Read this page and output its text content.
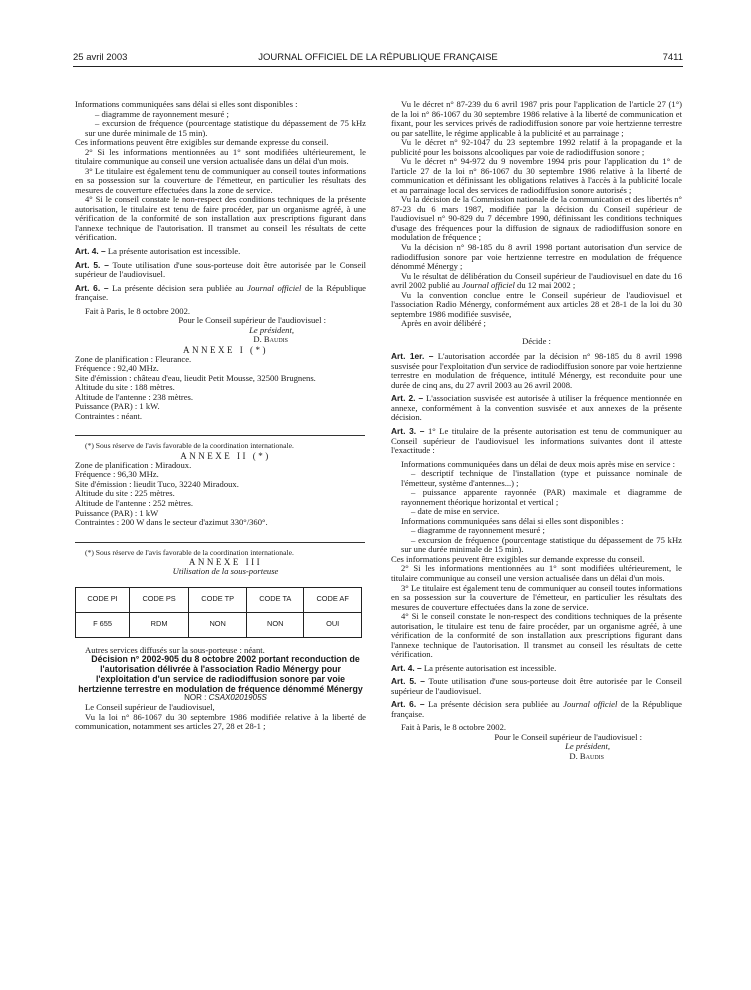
25 avril 2003	JOURNAL OFFICIEL DE LA RÉPUBLIQUE FRANÇAISE	7411

Informations communiquées sans délai si elles sont disponibles :

– diagramme de rayonnement mesuré ;

– excursion de fréquence (pourcentage statistique du dépassement de 75 kHz sur une durée minimale de 15 min).

Ces informations peuvent être exigibles sur demande expresse du conseil.

2° Si les informations mentionnées au 1° sont modifiées ultérieurement, le titulaire communique au conseil une version actualisée dans un délai d'un mois.

3° Le titulaire est également tenu de communiquer au conseil toutes informations en sa possession sur la couverture de l'émetteur, en particulier les résultats des mesures de couverture effectuées dans la zone de service.

4° Si le conseil constate le non-respect des conditions techniques de la présente autorisation, le titulaire est tenu de faire procéder, par un organisme agréé, à une vérification de la conformité de son installation aux prescriptions figurant dans l'annexe technique de l'autorisation. Il transmet au conseil les résultats de cette vérification.

Art. 4. – La présente autorisation est incessible.

Art. 5. – Toute utilisation d'une sous-porteuse doit être autorisée par le Conseil supérieur de l'audiovisuel.

Art. 6. – La présente décision sera publiée au Journal officiel de la République française.

Fait à Paris, le 8 octobre 2002.

Pour le Conseil supérieur de l'audiovisuel :

Le président,

D. Baudis

ANNEXE I (*)

Zone de planification : Fleurance.

Fréquence : 92,40 MHz.

Site d'émission : château d'eau, lieudit Petit Mousse, 32500 Brugnens.

Altitude du site : 188 mètres.

Altitude de l'antenne : 238 mètres.

Puissance (PAR) : 1 kW.

Contraintes : néant.

(*) Sous réserve de l'avis favorable de la coordination internationale.

ANNEXE II (*)

Zone de planification : Miradoux.

Fréquence : 96,30 MHz.

Site d'émission : lieudit Tuco, 32240 Miradoux.

Altitude du site : 225 mètres.

Altitude de l'antenne : 252 mètres.

Puissance (PAR) : 1 kW

Contraintes : 200 W dans le secteur d'azimut 330°/360°.

(*) Sous réserve de l'avis favorable de la coordination internationale.

ANNEXE III

Utilisation de la sous-porteuse

CODE PI	CODE PS	CODE TP	CODE TA	CODE AF
F 655	RDM	NON	NON	OUI

Autres services diffusés sur la sous-porteuse : néant.

Décision n° 2002-905 du 8 octobre 2002 portant reconduction de l'autorisation délivrée à l'association Radio Ménergy pour l'exploitation d'un service de radiodiffusion sonore par voie hertzienne terrestre en modulation de fréquence dénommé Ménergy

NOR : CSAX0201905S

Le Conseil supérieur de l'audiovisuel,

Vu la loi n° 86-1067 du 30 septembre 1986 modifiée relative à la liberté de communication, notamment ses articles 27, 28 et 28-1 ;

Vu le décret n° 87-239 du 6 avril 1987 pris pour l'application de l'article 27 (1°) de la loi n° 86-1067 du 30 septembre 1986 relative à la liberté de communication et fixant, pour les services privés de radiodiffusion sonore par voie hertzienne terrestre ou par satellite, le régime applicable à la publicité et au parrainage ;

Vu le décret n° 92-1047 du 23 septembre 1992 relatif à la propagande et la publicité pour les boissons alcooliques par voie de radiodiffusion sonore ;

Vu le décret n° 94-972 du 9 novembre 1994 pris pour l'application du 1° de l'article 27 de la loi n° 86-1067 du 30 septembre 1986 relative à la liberté de communication et définissant les obligations relatives à l'accès à la publicité locale et au parrainage local des services de radiodiffusion sonore autorisés ;

Vu la décision de la Commission nationale de la communication et des libertés n° 87-23 du 6 mars 1987, modifiée par la décision du Conseil supérieur de l'audiovisuel n° 90-829 du 7 décembre 1990, définissant les conditions techniques d'usage des fréquences pour la diffusion de signaux de radiodiffusion sonore en modulation de fréquence ;

Vu la décision n° 98-185 du 8 avril 1998 portant autorisation d'un service de radiodiffusion sonore par voie hertzienne terrestre en modulation de fréquence dénommé Ménergy ;

Vu le résultat de délibération du Conseil supérieur de l'audiovisuel en date du 16 avril 2002 publié au Journal officiel du 12 mai 2002 ;

Vu la convention conclue entre le Conseil supérieur de l'audiovisuel et l'association Radio Ménergy, conformément aux articles 28 et 28-1 de la loi du 30 septembre 1986 modifiée susvisée,

Après en avoir délibéré ;

Décide :

Art. 1er. – L'autorisation accordée par la décision n° 98-185 du 8 avril 1998 susvisée pour l'exploitation d'un service de radiodiffusion sonore par voie hertzienne terrestre en modulation de fréquence, intitulé Ménergy, est reconduite pour une durée de cinq ans, du 27 avril 2003 au 26 avril 2008.

Art. 2. – L'association susvisée est autorisée à utiliser la fréquence mentionnée en annexe, conformément à la convention susvisée et aux annexes de la présente décision.

Art. 3. – 1° Le titulaire de la présente autorisation est tenu de communiquer au Conseil supérieur de l'audiovisuel les informations suivantes dont il atteste l'exactitude :

Informations communiquées dans un délai de deux mois après mise en service :

– descriptif technique de l'installation (type et puissance nominale de l'émetteur, système d'antennes...) ;

– puissance apparente rayonnée (PAR) maximale et diagramme de rayonnement théorique horizontal et vertical ;

– date de mise en service.

Informations communiquées sans délai si elles sont disponibles :

– diagramme de rayonnement mesuré ;

– excursion de fréquence (pourcentage statistique du dépassement de 75 kHz sur une durée minimale de 15 min).

Ces informations peuvent être exigibles sur demande expresse du conseil.

2° Si les informations mentionnées au 1° sont modifiées ultérieurement, le titulaire communique au conseil une version actualisée dans un délai d'un mois.

3° Le titulaire est également tenu de communiquer au conseil toutes informations en sa possession sur la couverture de l'émetteur, en particulier les résultats des mesures de couverture effectuées dans la zone de service.

4° Si le conseil constate le non-respect des conditions techniques de la présente autorisation, le titulaire est tenu de faire procéder, par un organisme agréé, à une vérification de la conformité de son installation aux prescriptions figurant dans l'annexe technique de l'autorisation. Il transmet au conseil les résultats de cette vérification.

Art. 4. – La présente autorisation est incessible.

Art. 5. – Toute utilisation d'une sous-porteuse doit être autorisée par le Conseil supérieur de l'audiovisuel.

Art. 6. – La présente décision sera publiée au Journal officiel de la République française.

Fait à Paris, le 8 octobre 2002.

Pour le Conseil supérieur de l'audiovisuel :

Le président,

D. Baudis
